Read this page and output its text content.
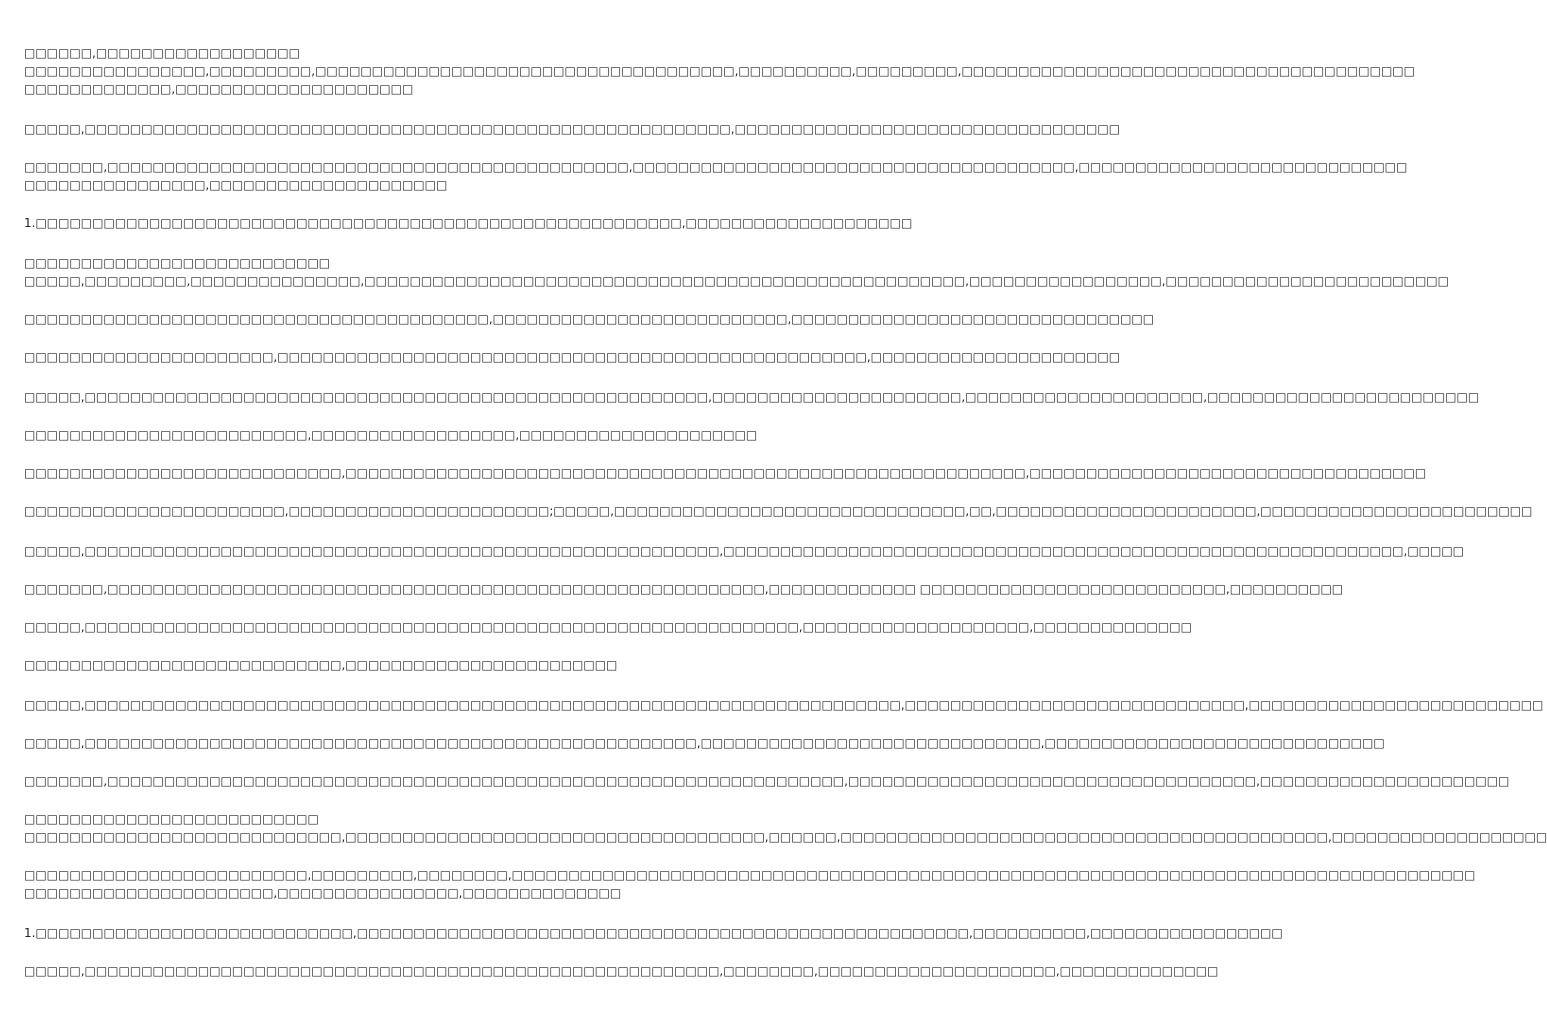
□□□□□□,□□□□□□□□□□□□□□□□□□
□□□□□□□□□□□□□□□□,□□□□□□□□□,□□□□□□□□□□□□□□□□□□□□□□□□□□□□□□□□□□□□□,□□□□□□□□□□,□□□□□□□□□,□□□□□□□□□□□□□□□□□□□□□□□□□□□□□□□□□□□□□□□□
□□□□□□□□□□□□□,□□□□□□□□□□□□□□□□□□□□□

□□□□□,□□□□□□□□□□□□□□□□□□□□□□□□□□□□□□□□□□□□□□□□□□□□□□□□□□□□□□□□□,□□□□□□□□□□□□□□□□□□□□□□□□□□□□□□□□□□

□□□□□□□,□□□□□□□□□□□□□□□□□□□□□□□□□□□□□□□□□□□□□□□□□□□□□□,□□□□□□□□□□□□□□□□□□□□□□□□□□□□□□□□□□□□□□□,□□□□□□□□□□□□□□□□□□□□□□□□□□□□□
□□□□□□□□□□□□□□□□,□□□□□□□□□□□□□□□□□□□□□

1.□□□□□□□□□□□□□□□□□□□□□□□□□□□□□□□□□□□□□□□□□□□□□□□□□□□□□□□□□,□□□□□□□□□□□□□□□□□□□□

□□□□□□□□□□□□□□□□□□□□□□□□□□□
□□□□□,□□□□□□□□□,□□□□□□□□□□□□□□□,□□□□□□□□□□□□□□□□□□□□□□□□□□□□□□□□□□□□□□□□□□□□□□□□□□□□□,□□□□□□□□□□□□□□□□□,□□□□□□□□□□□□□□□□□□□□□□□□□

□□□□□□□□□□□□□□□□□□□□□□□□□□□□□□□□□□□□□□□□□,□□□□□□□□□□□□□□□□□□□□□□□□□□,□□□□□□□□□□□□□□□□□□□□□□□□□□□□□□□□

□□□□□□□□□□□□□□□□□□□□□□,□□□□□□□□□□□□□□□□□□□□□□□□□□□□□□□□□□□□□□□□□□□□□□□□□□□□,□□□□□□□□□□□□□□□□□□□□□□

□□□□□,□□□□□□□□□□□□□□□□□□□□□□□□□□□□□□□□□□□□□□□□□□□□□□□□□□□□□□□,□□□□□□□□□□□□□□□□□□□□□□,□□□□□□□□□□□□□□□□□□□□□,□□□□□□□□□□□□□□□□□□□□□□□□

□□□□□□□□□□□□□□□□□□□□□□□□□,□□□□□□□□□□□□□□□□□□,□□□□□□□□□□□□□□□□□□□□□

□□□□□□□□□□□□□□□□□□□□□□□□□□□□,□□□□□□□□□□□□□□□□□□□□□□□□□□□□□□□□□□□□□□□□□□□□□□□□□□□□□□□□□□□□,□□□□□□□□□□□□□□□□□□□□□□□□□□□□□□□□□□□

□□□□□□□□□□□□□□□□□□□□□□□,□□□□□□□□□□□□□□□□□□□□□□□;□□□□□,□□□□□□□□□□□□□□□□□□□□□□□□□□□□□□□,□□,□□□□□□□□□□□□□□□□□□□□□□□,□□□□□□□□□□□□□□□□□□□□□□□□

□□□□□,□□□□□□□□□□□□□□□□□□□□□□□□□□□□□□□□□□□□□□□□□□□□□□□□□□□□□□□□,□□□□□□□□□□□□□□□□□□□□□□□□□□□□□□□□□□□□□□□□□□□□□□□□□□□□□□□□□□□□,□□□□□

□□□□□□□,□□□□□□□□□□□□□□□□□□□□□□□□□□□□□□□□□□□□□□□□□□□□□□□□□□□□□□□□□□,□□□□□□□□□□□□□ □□□□□□□□□□□□□□□□□□□□□□□□□□□,□□□□□□□□□□

□□□□□,□□□□□□□□□□□□□□□□□□□□□□□□□□□□□□□□□□□□□□□□□□□□□□□□□□□□□□□□□□□□□□□,□□□□□□□□□□□□□□□□□□□□,□□□□□□□□□□□□□□

□□□□□□□□□□□□□□□□□□□□□□□□□□□□,□□□□□□□□□□□□□□□□□□□□□□□□

□□□□□,□□□□□□□□□□□□□□□□□□□□□□□□□□□□□□□□□□□□□□□□□□□□□□□□□□□□□□□□□□□□□□□□□□□□□□□□,□□□□□□□□□□□□□□□□□□□□□□□□□□□□□□,□□□□□□□□□□□□□□□□□□□□□□□□□□

□□□□□,□□□□□□□□□□□□□□□□□□□□□□□□□□□□□□□□□□□□□□□□□□□□□□□□□□□□□□,□□□□□□□□□□□□□□□□□□□□□□□□□□□□□□,□□□□□□□□□□□□□□□□□□□□□□□□□□□□□□

□□□□□□□,□□□□□□□□□□□□□□□□□□□□□□□□□□□□□□□□□□□□□□□□□□□□□□□□□□□□□□□□□□□□□□□□□,□□□□□□□□□□□□□□□□□□□□□□□□□□□□□□□□□□□□,□□□□□□□□□□□□□□□□□□□□□□

□□□□□□□□□□□□□□□□□□□□□□□□□□
□□□□□□□□□□□□□□□□□□□□□□□□□□□□,□□□□□□□□□□□□□□□□□□□□□□□□□□□□□□□□□□□□□,□□□□□□,□□□□□□□□□□□□□□□□□□□□□□□□□□□□□□□□□□□□□□□□□□□,□□□□□□□□□□□□□□□□□□□

□□□□□□□□□□□□□□□□□□□□□□□□□,□□□□□□□□□,□□□□□□□□,□□□□□□□□□□□□□□□□□□□□□□□□□□□□□□□□□□□□□□□□□□□□□□□□□□□□□□□□□□□□□□□□□□□□□□□□□□□□□□□□□□□□□
□□□□□□□□□□□□□□□□□□□□□□,□□□□□□□□□□□□□□□□,□□□□□□□□□□□□□□

1.□□□□□□□□□□□□□□□□□□□□□□□□□□□□,□□□□□□□□□□□□□□□□□□□□□□□□□□□□□□□□□□□□□□□□□□□□□□□□□□□□□□,□□□□□□□□□□,□□□□□□□□□□□□□□□□□

□□□□□,□□□□□□□□□□□□□□□□□□□□□□□□□□□□□□□□□□□□□□□□□□□□□□□□□□□□□□□□,□□□□□□□□,□□□□□□□□□□□□□□□□□□□□□,□□□□□□□□□□□□□□
